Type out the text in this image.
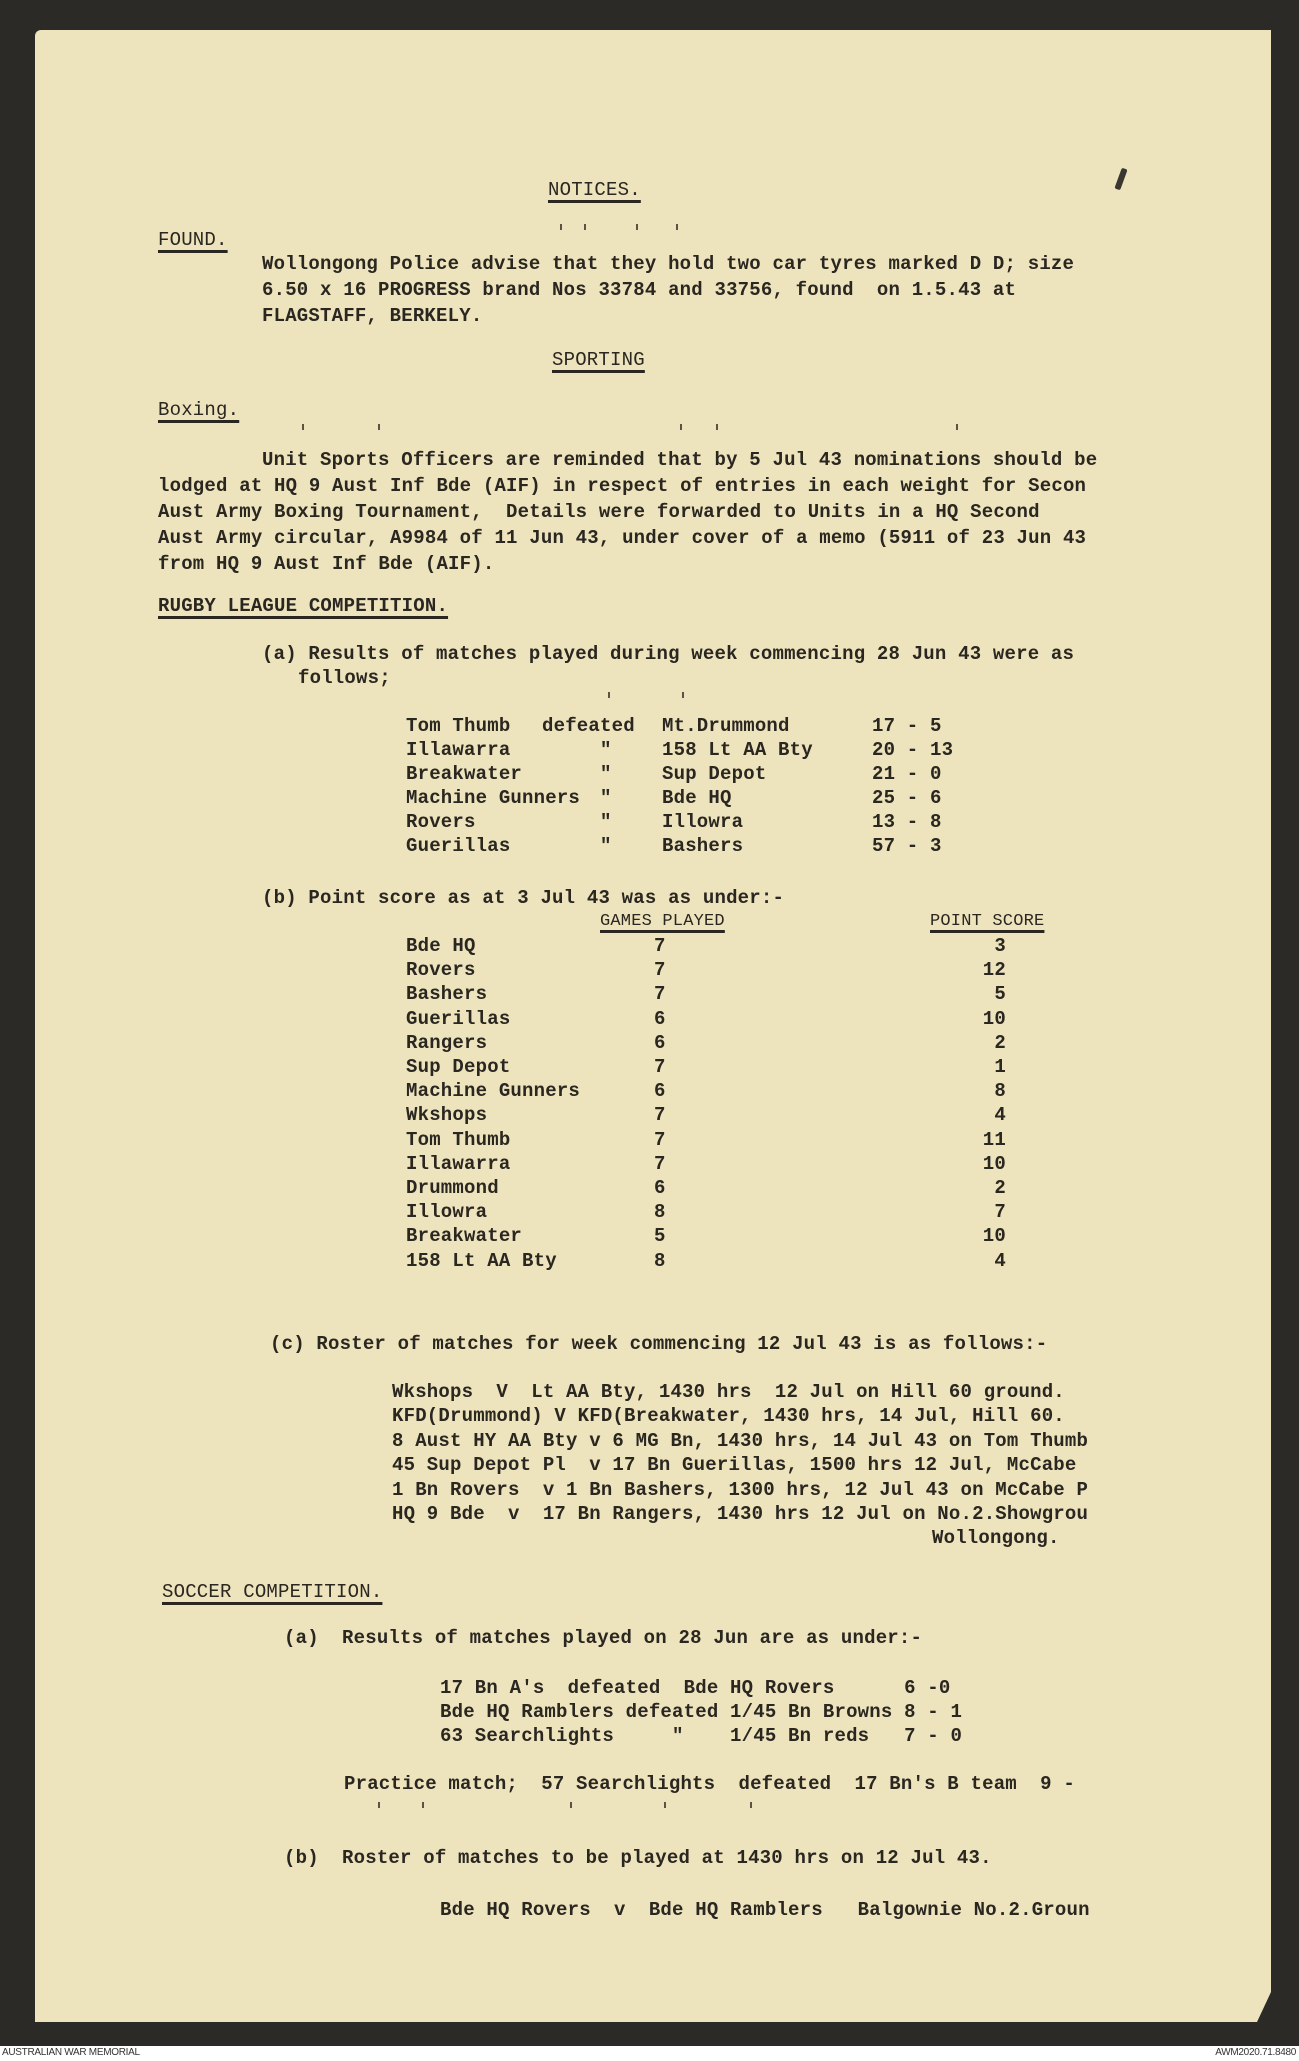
NOTICES.
FOUND.
Wollongong Police advise that they hold two car tyres marked D D; size
6.50 x 16 PROGRESS brand Nos 33784 and 33756, found  on 1.5.43 at
FLAGSTAFF, BERKELY.
SPORTING
Boxing.
Unit Sports Officers are reminded that by 5 Jul 43 nominations should be
lodged at HQ 9 Aust Inf Bde (AIF) in respect of entries in each weight for Secon
Aust Army Boxing Tournament,  Details were forwarded to Units in a HQ Second
Aust Army circular, A9984 of 11 Jun 43, under cover of a memo (5911 of 23 Jun 43
from HQ 9 Aust Inf Bde (AIF).
RUGBY LEAGUE COMPETITION.
(a) Results of matches played during week commencing 28 Jun 43 were as
follows;
Tom Thumb defeated Mt.Drummond	17 - 5
Illawarra	"	158 Lt AA Bty	20 - 13
Breakwater	"	Sup Depot	21 - 0
Machine Gunners "	Bde HQ	25 - 6
Rovers	"	Illowra	13 - 8
Guerillas	"	Bashers	57 - 3
(b) Point score as at 3 Jul 43 was as under:-
GAMES PLAYED	POINT SCORE
Bde HQ	7	3
Rovers	7	12
Bashers	7	5
Guerillas	6	10
Rangers	6	2
Sup Depot	7	1
Machine Gunners	6	8
Wkshops	7	4
Tom Thumb	7	11
Illawarra	7	10
Drummond	6	2
Illowra	8	7
Breakwater	5	10
158 Lt AA Bty	8	4
(c) Roster of matches for week commencing 12 Jul 43 is as follows:-
Wkshops  V  Lt AA Bty, 1430 hrs  12 Jul on Hill 60 ground.
KFD(Drummond) V KFD(Breakwater, 1430 hrs, 14 Jul, Hill 60.
8 Aust HY AA Bty v 6 MG Bn, 1430 hrs, 14 Jul 43 on Tom Thumb
45 Sup Depot Pl  v 17 Bn Guerillas, 1500 hrs 12 Jul, McCabe
1 Bn Rovers  v 1 Bn Bashers, 1300 hrs, 12 Jul 43 on McCabe P
HQ 9 Bde  v  17 Bn Rangers, 1430 hrs 12 Jul on No.2.Showgrou
Wollongong.
SOCCER COMPETITION.
(a)  Results of matches played on 28 Jun are as under:-
17 Bn A's  defeated  Bde HQ Rovers      6 -0
Bde HQ Ramblers defeated 1/45 Bn Browns 8 - 1
63 Searchlights     "    1/45 Bn reds   7 - 0
Practice match;  57 Searchlights  defeated  17 Bn's B team  9 -
(b)  Roster of matches to be played at 1430 hrs on 12 Jul 43.
Bde HQ Rovers  v  Bde HQ Ramblers   Balgownie No.2.Groun
AUSTRALIAN WAR MEMORIAL	AWM2020.71.8480
